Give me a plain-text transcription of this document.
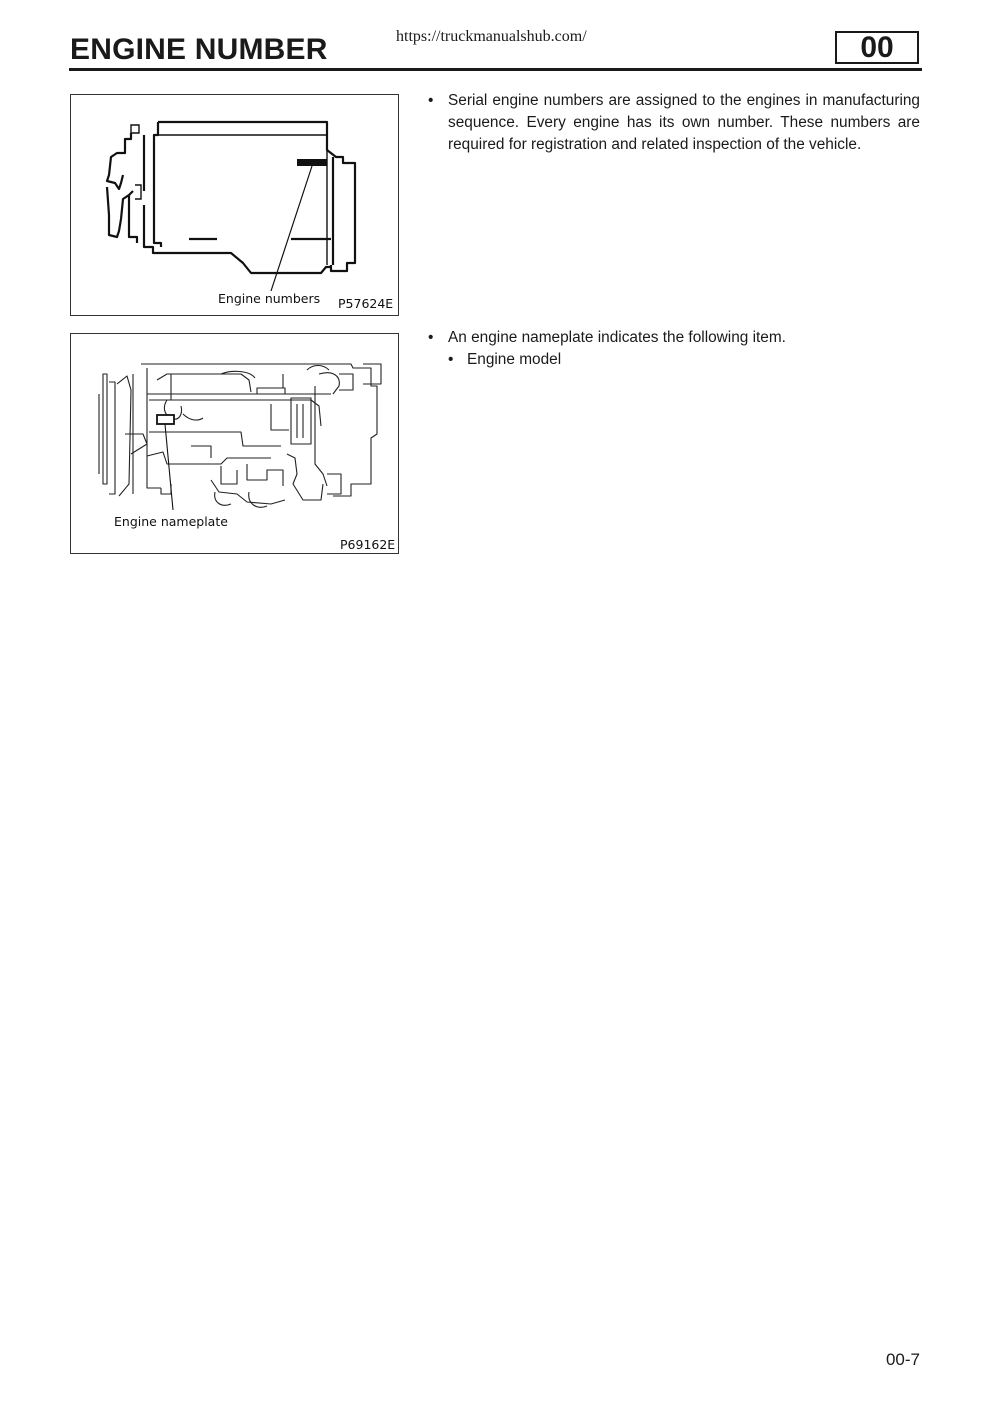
ENGINE NUMBER	https://truckmanualshub.com/	00
Engine numbers P57624E
Engine nameplate
P69162E
• Serial engine numbers are assigned to the engines in manufacturing sequence. Every engine has its own number. These numbers are required for registration and related inspection of the vehicle.
• An engine nameplate indicates the following item.
• Engine model
00-7
